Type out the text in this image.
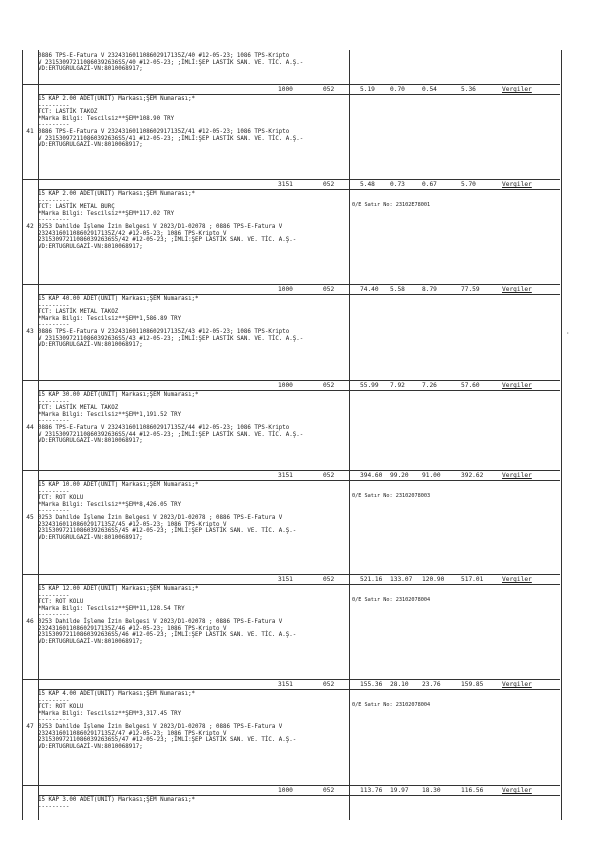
0886 TPS-E-Fatura V 232431601108602917135Z/40 #12-05-23; 1086 TPS-Kripto
V 231530972110860392636S5/40 #12-05-23; ;İMLİ:ŞEP LASTİK SAN. VE. TİC. A.Ş.-
VD:ERTUGRULGAZİ-VN:8010068917;
1000	052	5.19 0.70	0.54	5.36	Vergiler
41
15 KAP 2.00 ADET(UNIT) Markası;ŞEM Numarası;*
---------
TCT: LASTİK TAKOZ
*Marka Bilgi: Tescilsiz**ŞEM*108.90 TRY
---------
0886 TPS-E-Fatura V 232431601108602917135Z/41 #12-05-23; 1086 TPS-Kripto
V 231530972110860392636S5/41 #12-05-23; ;İMLİ:ŞEP LASTİK SAN. VE. TİC. A.Ş.-
VD:ERTUGRULGAZİ-VN:8010068917;
3151	052	5.48 0.73	0.67	5.70	Vergiler
42
15 KAP 2.00 ADET(UNIT) Markası;ŞEM Numarası;*
---------
TCT: LASTİK METAL BURÇ
*Marka Bilgi: Tescilsiz**ŞEM*117.02 TRY
---------
0253 Dahilde İşleme İzin Belgesi V 2023/D1-02078 ; 0886 TPS-E-Fatura V
232431601108602917135Z/42 #12-05-23; 1086 TPS-Kripto V
231530972110860392636S5/42 #12-05-23; ;İMLİ:ŞEP LASTİK SAN. VE. TİC. A.Ş.-
VD:ERTUGRULGAZİ-VN:8010068917;
0/E Satır No: 23102E78001
1000	052	74.40 5.58	8.79	77.59	Vergiler
43
15 KAP 40.00 ADET(UNIT) Markası;ŞEM Numarası;*
---------
TCT: LASTİK METAL TAKOZ
*Marka Bilgi: Tescilsiz**ŞEM*1,586.89 TRY
---------
0886 TPS-E-Fatura V 232431601108602917135Z/43 #12-05-23; 1086 TPS-Kripto
V 231530972110860392636S5/43 #12-05-23; ;İMLİ:ŞEP LASTİK SAN. VE. TİC. A.Ş.-
VD:ERTUGRULGAZİ-VN:8010068917;
1000	052	55.99 7.92	7.26	57.60	Vergiler
44
15 KAP 30.00 ADET(UNIT) Markası;ŞEM Numarası;*
---------
TCT: LASTİK METAL TAKOZ
*Marka Bilgi: Tescilsiz**ŞEM*1,191.52 TRY
---------
0886 TPS-E-Fatura V 232431601108602917135Z/44 #12-05-23; 1086 TPS-Kripto
V 231530972110860392636S5/44 #12-05-23; ;İMLİ:ŞEP LASTİK SAN. VE. TİC. A.Ş.-
VD:ERTUGRULGAZİ-VN:8010068917;
3151	052	394.60 99.20 91.00	392.62	Vergiler
45
15 KAP 10.00 ADET(UNIT) Markası;ŞEM Numarası;*
---------
TCT: ROT KOLU
*Marka Bilgi: Tescilsiz**ŞEM*8,426.05 TRY
---------
0253 Dahilde İşleme İzin Belgesi V 2023/D1-02078 ; 0886 TPS-E-Fatura V
232431601108602917135Z/45 #12-05-23; 1086 TPS-Kripto V
231530972110860392636S5/45 #12-05-23; ;İMLİ:ŞEP LASTİK SAN. VE. TİC. A.Ş.-
VD:ERTUGRULGAZİ-VN:8010068917;
0/E Satır No: 23102078003
3151	052	521.16 133.07 120.90	517.01	Vergiler
46
15 KAP 12.00 ADET(UNIT) Markası;ŞEM Numarası;*
---------
TCT: ROT KOLU
*Marka Bilgi: Tescilsiz**ŞEM*11,128.54 TRY
---------
0253 Dahilde İşleme İzin Belgesi V 2023/D1-02078 ; 0886 TPS-E-Fatura V
232431601108602917135Z/46 #12-05-23; 1086 TPS-Kripto V
231530972110860392636S5/46 #12-05-23; ;İMLİ:ŞEP LASTİK SAN. VE. TİC. A.Ş.-
VD:ERTUGRULGAZİ-VN:8010068917;
0/E Satır No: 23102078004
3151	052	155.36 28.10 23.76	159.85	Vergiler
47
15 KAP 4.00 ADET(UNIT) Markası;ŞEM Numarası;*
---------
TCT: ROT KOLU
*Marka Bilgi: Tescilsiz**ŞEM*3,317.45 TRY
---------
0253 Dahilde İşleme İzin Belgesi V 2023/D1-02078 ; 0886 TPS-E-Fatura V
232431601108602917135Z/47 #12-05-23; 1086 TPS-Kripto V
231530972110860392636S5/47 #12-05-23; ;İMLİ:ŞEP LASTİK SAN. VE. TİC. A.Ş.-
VD:ERTUGRULGAZİ-VN:8010068917;
0/E Satır No: 23102078004
1000	052	113.76 19.97 18.30	116.56	Vergiler
15 KAP 3.00 ADET(UNIT) Markası;ŞEM Numarası;*
---------
·
